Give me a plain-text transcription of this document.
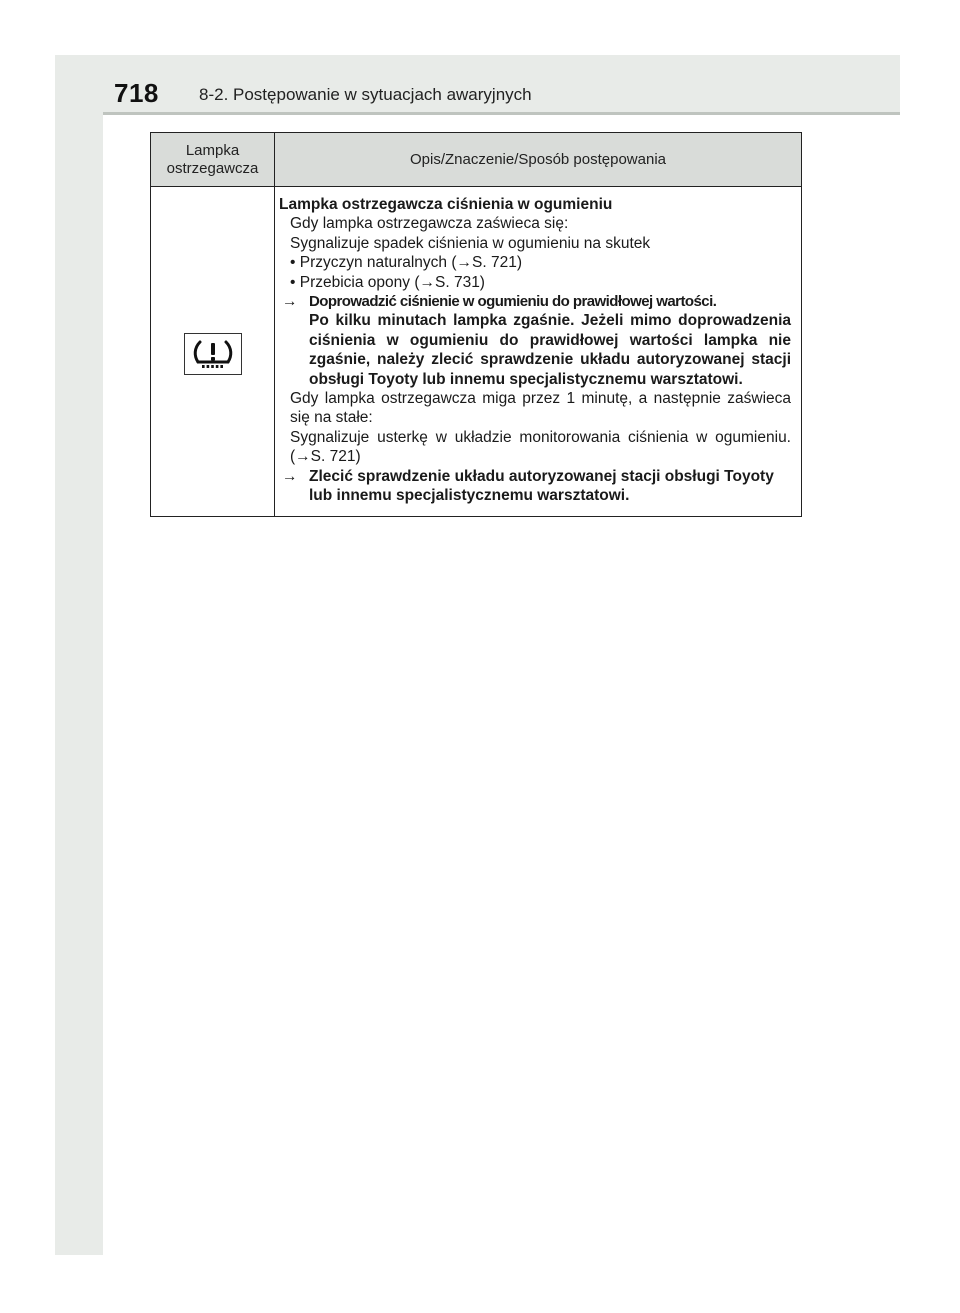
718 8-2. Postępowanie w sytuacjach awaryjnych
Lampka
ostrzegawcza
Opis/Znaczenie/Sposób postępowania

Lampka ostrzegawcza ciśnienia w ogumieniu

Gdy lampka ostrzegawcza zaświeca się:

Sygnalizuje spadek ciśnienia w ogumieniu na skutek

• Przyczyn naturalnych (→S. 721)

• Przebicia opony (→S. 731)

→ Doprowadzić ciśnienie w ogumieniu do prawidłowej wartości.

Po kilku minutach lampka zgaśnie. Jeżeli mimo doprowadzenia ciśnienia w ogumieniu do prawidłowej wartości lampka nie zgaśnie, należy zlecić sprawdzenie układu autoryzowanej stacji obsługi Toyoty lub innemu specjalistycznemu warsztatowi.

Gdy lampka ostrzegawcza miga przez 1 minutę, a następnie zaświeca się na stałe:

Sygnalizuje usterkę w układzie monitorowania ciśnienia w ogumieniu. (→S. 721)

→ Zlecić sprawdzenie układu autoryzowanej stacji obsługi Toyoty lub innemu specjalistycznemu warsztatowi.
